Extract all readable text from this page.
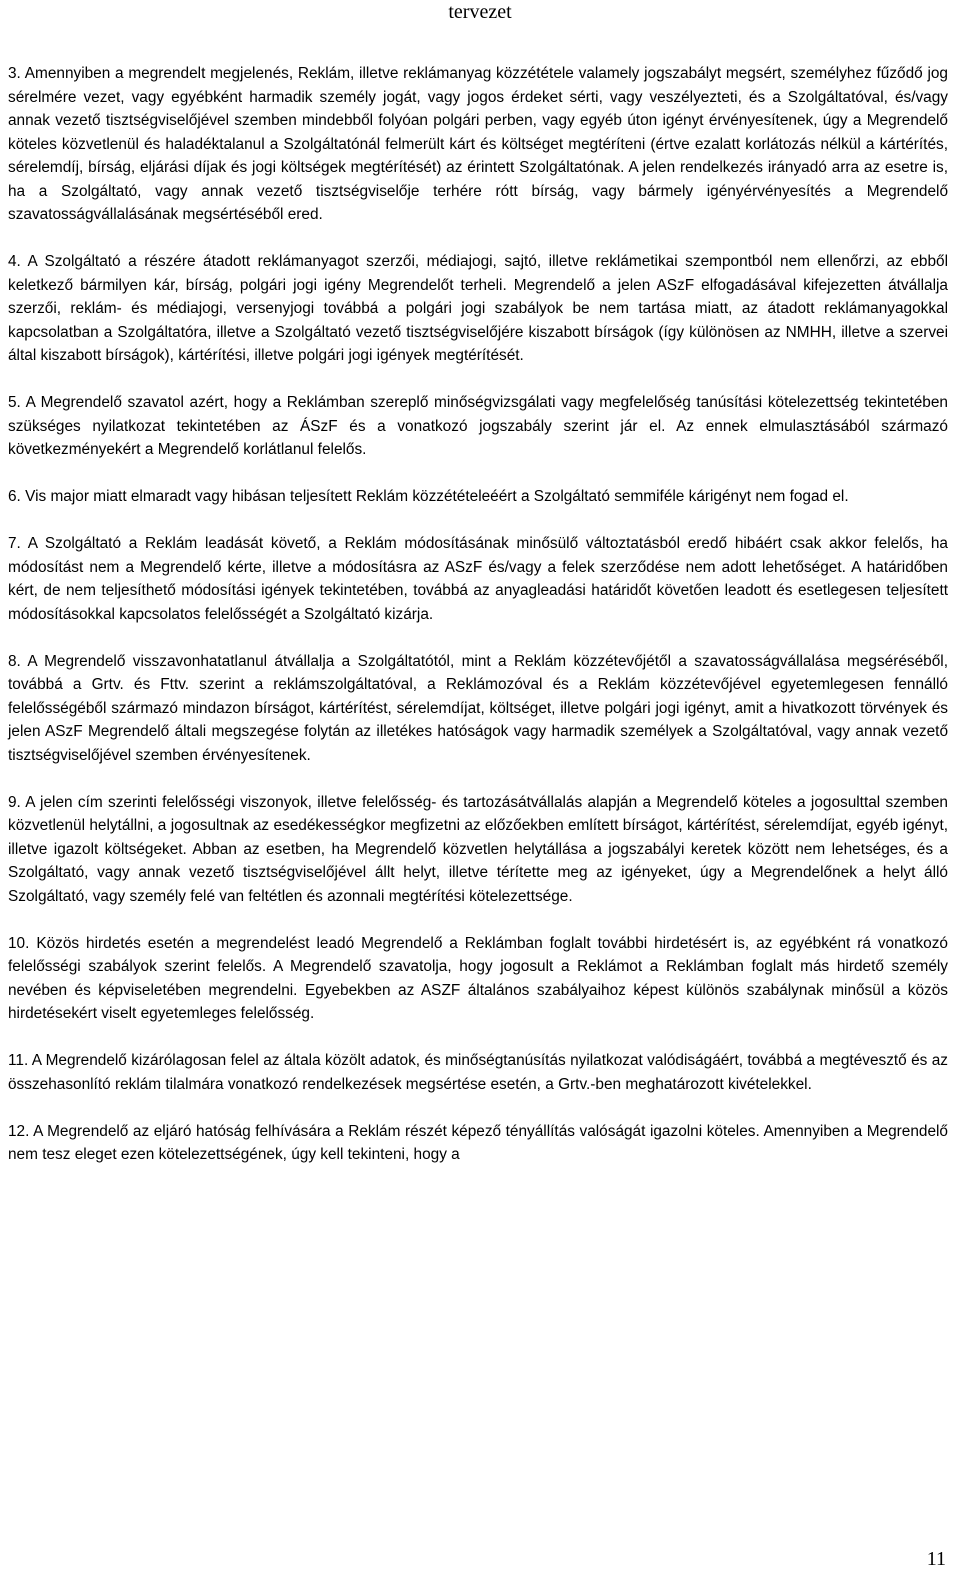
tervezet

3. Amennyiben a megrendelt megjelenés, Reklám, illetve reklámanyag közzététele valamely jogszabályt megsért, személyhez fűződő jog sérelmére vezet, vagy egyébként harmadik személy jogát, vagy jogos érdeket sérti, vagy veszélyezteti, és a Szolgáltatóval, és/vagy annak vezető tisztségviselőjével szemben mindebből folyóan polgári perben, vagy egyéb úton igényt érvényesítenek, úgy a Megrendelő köteles közvetlenül és haladéktalanul a Szolgáltatónál felmerült kárt és költséget megtéríteni (értve ezalatt korlátozás nélkül a kártérítés, sérelemdíj, bírság, eljárási díjak és jogi költségek megtérítését) az érintett Szolgáltatónak. A jelen rendelkezés irányadó arra az esetre is, ha a Szolgáltató, vagy annak vezető tisztségviselője terhére rótt bírság, vagy bármely igényérvényesítés a Megrendelő szavatosságvállalásának megsértéséből ered.

4. A Szolgáltató a részére átadott reklámanyagot szerzői, médiajogi, sajtó, illetve reklámetikai szempontból nem ellenőrzi, az ebből keletkező bármilyen kár, bírság, polgári jogi igény Megrendelőt terheli. Megrendelő a jelen ASzF elfogadásával kifejezetten átvállalja szerzői, reklám- és médiajogi, versenyjogi továbbá a polgári jogi szabályok be nem tartása miatt, az átadott reklámanyagokkal kapcsolatban a Szolgáltatóra, illetve a Szolgáltató vezető tisztségviselőjére kiszabott bírságok (így különösen az NMHH, illetve a szervei által kiszabott bírságok), kártérítési, illetve polgári jogi igények megtérítését.

5. A Megrendelő szavatol azért, hogy a Reklámban szereplő minőségvizsgálati vagy megfelelőség tanúsítási kötelezettség tekintetében szükséges nyilatkozat tekintetében az ÁSzF és a vonatkozó jogszabály szerint jár el. Az ennek elmulasztásából származó következményekért a Megrendelő korlátlanul felelős.

6. Vis major miatt elmaradt vagy hibásan teljesített Reklám közzétételeéért a Szolgáltató semmiféle kárigényt nem fogad el.

7. A Szolgáltató a Reklám leadását követő, a Reklám módosításának minősülő változtatásból eredő hibáért csak akkor felelős, ha módosítást nem a Megrendelő kérte, illetve a módosításra az ASzF és/vagy a felek szerződése nem adott lehetőséget. A határidőben kért, de nem teljesíthető módosítási igények tekintetében, továbbá az anyagleadási határidőt követően leadott és esetlegesen teljesített módosításokkal kapcsolatos felelősségét a Szolgáltató kizárja.

8. A Megrendelő visszavonhatatlanul átvállalja a Szolgáltatótól, mint a Reklám közzétevőjétől a szavatosságvállalása megséréséből, továbbá a Grtv. és Fttv. szerint a reklámszolgáltatóval, a Reklámozóval és a Reklám közzétevőjével egyetemlegesen fennálló felelősségéből származó mindazon bírságot, kártérítést, sérelemdíjat, költséget, illetve polgári jogi igényt, amit a hivatkozott törvények és jelen ASzF Megrendelő általi megszegése folytán az illetékes hatóságok vagy harmadik személyek a Szolgáltatóval, vagy annak vezető tisztségviselőjével szemben érvényesítenek.

9. A jelen cím szerinti felelősségi viszonyok, illetve felelősség- és tartozásátvállalás alapján a Megrendelő köteles a jogosulttal szemben közvetlenül helytállni, a jogosultnak az esedékességkor megfizetni az előzőekben említett bírságot, kártérítést, sérelemdíjat, egyéb igényt, illetve igazolt költségeket. Abban az esetben, ha Megrendelő közvetlen helytállása a jogszabályi keretek között nem lehetséges, és a Szolgáltató, vagy annak vezető tisztségviselőjével állt helyt, illetve térítette meg az igényeket, úgy a Megrendelőnek a helyt álló Szolgáltató, vagy személy felé van feltétlen és azonnali megtérítési kötelezettsége.

10. Közös hirdetés esetén a megrendelést leadó Megrendelő a Reklámban foglalt további hirdetésért is, az egyébként rá vonatkozó felelősségi szabályok szerint felelős. A Megrendelő szavatolja, hogy jogosult a Reklámot a Reklámban foglalt más hirdető személy nevében és képviseletében megrendelni. Egyebekben az ASZF általános szabályaihoz képest különös szabálynak minősül a közös hirdetésekért viselt egyetemleges felelősség.

11. A Megrendelő kizárólagosan felel az általa közölt adatok, és minőségtanúsítás nyilatkozat valódiságáért, továbbá a megtévesztő és az összehasonlító reklám tilalmára vonatkozó rendelkezések megsértése esetén, a Grtv.-ben meghatározott kivételekkel.

12. A Megrendelő az eljáró hatóság felhívására a Reklám részét képező tényállítás valóságát igazolni köteles. Amennyiben a Megrendelő nem tesz eleget ezen kötelezettségének, úgy kell tekinteni, hogy a

11
